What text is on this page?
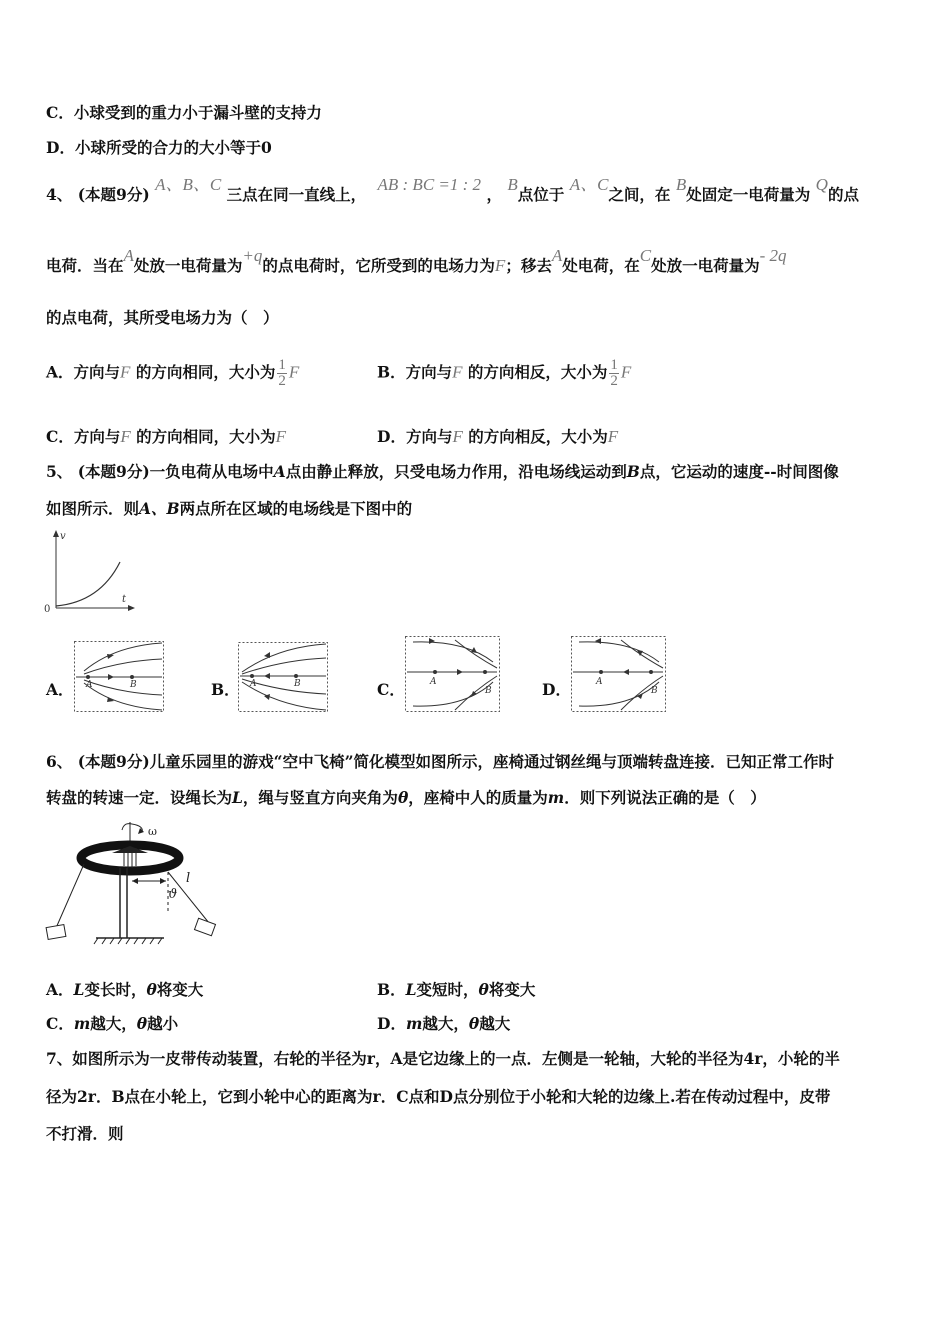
C．小球受到的重力小于漏斗壁的支持力
D．小球所受的合力的大小等于0
4、 (本题9分) A、B、C 三点在同一直线上， AB : BC =1 : 2 ， B点位于 A、C之间，在 B处固定一电荷量为 Q的点
电荷．当在A处放一电荷量为+q的点电荷时，它所受到的电场力为F；移去A处电荷，在C处放一电荷量为- 2q
的点电荷，其所受电场力为（　）
A．方向与F 的方向相同，大小为 $\frac{1}{2}$ F	B．方向与F 的方向相反，大小为 $\frac{1}{2}$ F
C．方向与F 的方向相同，大小为F	D．方向与F 的方向相反，大小为F
5、 (本题9分)一负电荷从电场中A点由静止释放，只受电场力作用，沿电场线运动到B点，它运动的速度--时间图像
如图所示．则A、B两点所在区域的电场线是下图中的
v
t
0
A． A	B	B． A	B	C．	A
B	D．	A
B
6、 (本题9分)儿童乐园里的游戏“空中飞椅”简化模型如图所示，座椅通过钢丝绳与顶端转盘连接．已知正常工作时
转盘的转速一定．设绳长为L，绳与竖直方向夹角为θ，座椅中人的质量为m．则下列说法正确的是（　）
ω
ϑ
l
A．L变长时，θ将变大	B．L变短时，θ将变大
C．m越大，θ越小	D．m越大，θ越大
7、如图所示为一皮带传动装置，右轮的半径为r，A是它边缘上的一点．左侧是一轮轴，大轮的半径为4r，小轮的半
径为2r．B点在小轮上，它到小轮中心的距离为r．C点和D点分别位于小轮和大轮的边缘上.若在传动过程中，皮带
不打滑．则
